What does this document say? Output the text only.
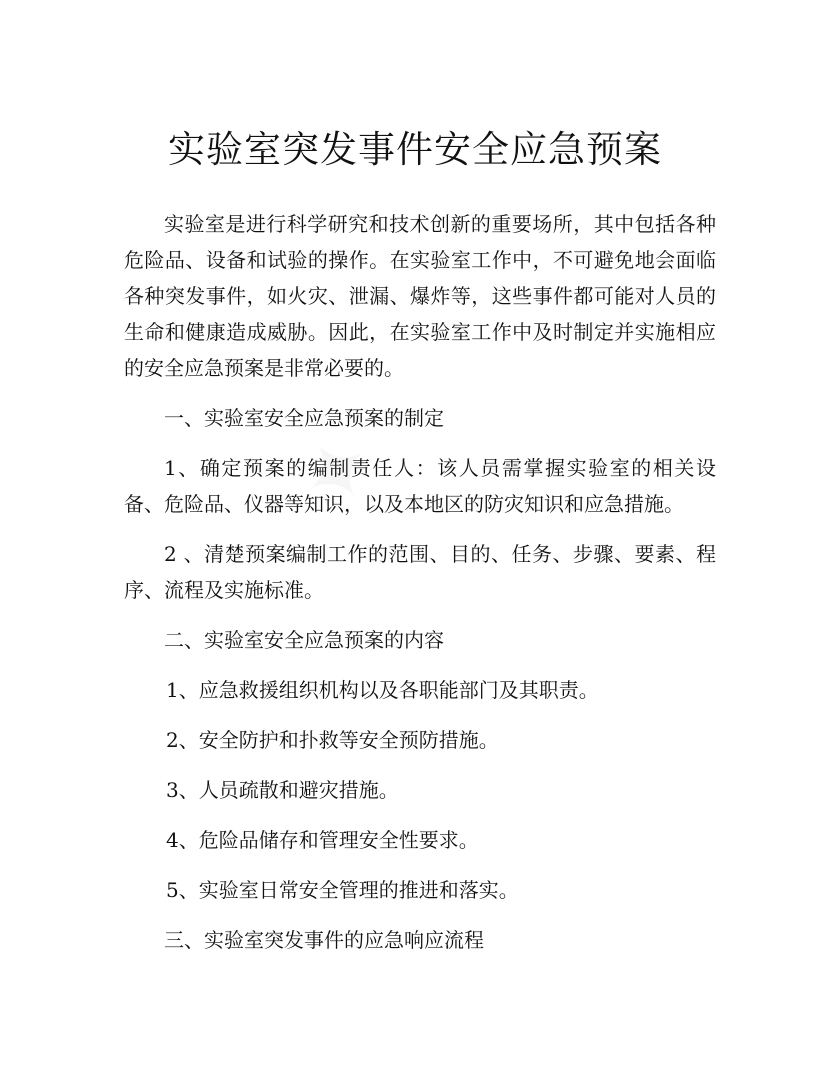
实验室突发事件安全应急预案

实验室是进行科学研究和技术创新的重要场所，其中包括各种危险品、设备和试验的操作。在实验室工作中，不可避免地会面临各种突发事件，如火灾、泄漏、爆炸等，这些事件都可能对人员的生命和健康造成威胁。因此，在实验室工作中及时制定并实施相应的安全应急预案是非常必要的。

一、实验室安全应急预案的制定

1、确定预案的编制责任人：该人员需掌握实验室的相关设备、危险品、仪器等知识，以及本地区的防灾知识和应急措施。

2 、清楚预案编制工作的范围、目的、任务、步骤、要素、程序、流程及实施标准。

二、实验室安全应急预案的内容

1、应急救援组织机构以及各职能部门及其职责。

2、安全防护和扑救等安全预防措施。

3、人员疏散和避灾措施。

4、危险品储存和管理安全性要求。

5、实验室日常安全管理的推进和落实。

三、实验室突发事件的应急响应流程
